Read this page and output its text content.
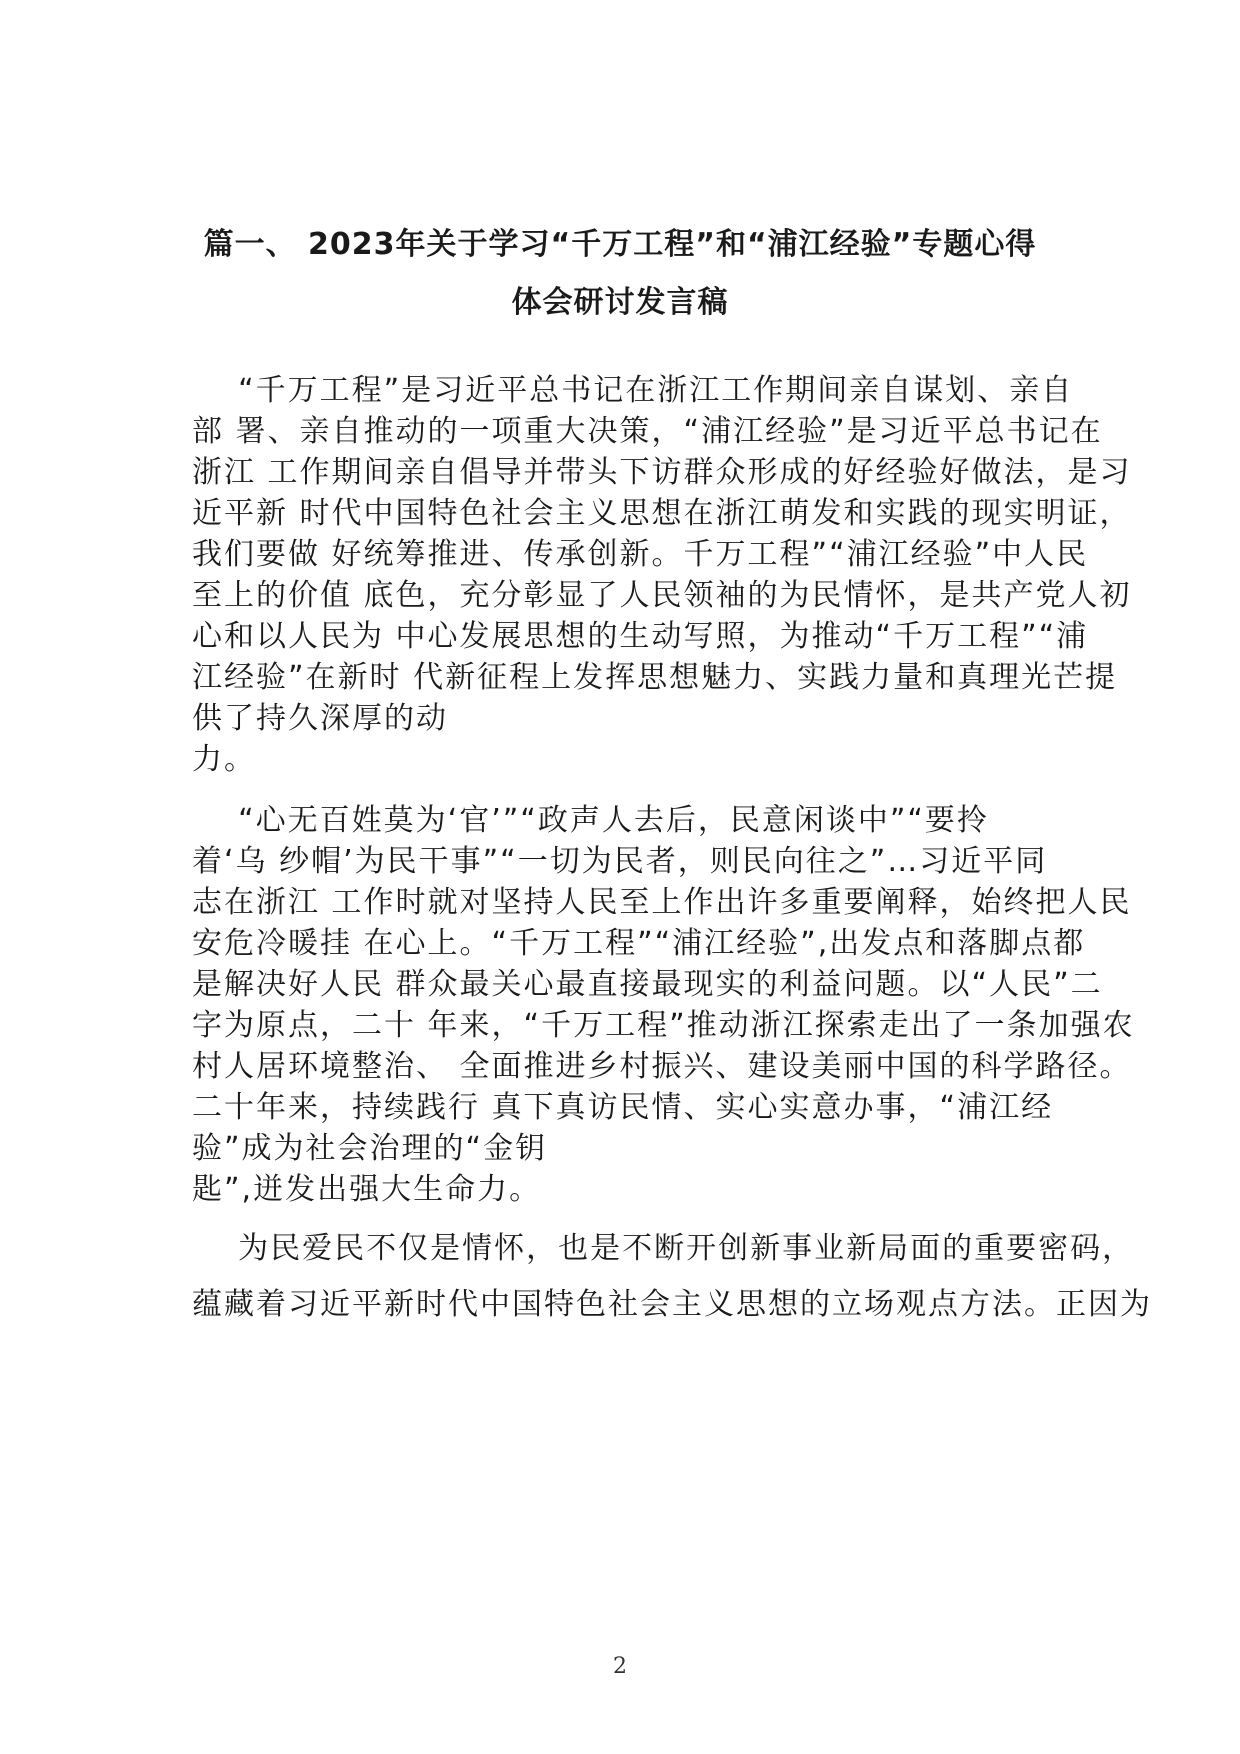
篇一、 2023年关于学习“千万工程”和“浦江经验”专题心得
体会研讨发言稿
“千万工程”是习近平总书记在浙江工作期间亲自谋划、亲自
部 署、亲自推动的一项重大决策，“浦江经验”是习近平总书记在
浙江 工作期间亲自倡导并带头下访群众形成的好经验好做法，是习
近平新 时代中国特色社会主义思想在浙江萌发和实践的现实明证，
我们要做 好统筹推进、传承创新。千万工程”“浦江经验”中人民
至上的价值 底色，充分彰显了人民领袖的为民情怀，是共产党人初
心和以人民为 中心发展思想的生动写照，为推动“千万工程”“浦
江经验”在新时 代新征程上发挥思想魅力、实践力量和真理光芒提
供了持久深厚的动
力。
“心无百姓莫为‘官’”“政声人去后，民意闲谈中”“要拎
着‘乌 纱帽’为民干事”“一切为民者，则民向往之”…习近平同
志在浙江 工作时就对坚持人民至上作出许多重要阐释，始终把人民
安危冷暖挂 在心上。“千万工程”“浦江经验”,出发点和落脚点都
是解决好人民 群众最关心最直接最现实的利益问题。以“人民”二
字为原点，二十 年来，“千万工程”推动浙江探索走出了一条加强农
村人居环境整治、 全面推进乡村振兴、建设美丽中国的科学路径。
二十年来，持续践行 真下真访民情、实心实意办事，“浦江经
验”成为社会治理的“金钥
匙”,迸发出强大生命力。
为民爱民不仅是情怀，也是不断开创新事业新局面的重要密码，
蕴藏着习近平新时代中国特色社会主义思想的立场观点方法。正因为
2
